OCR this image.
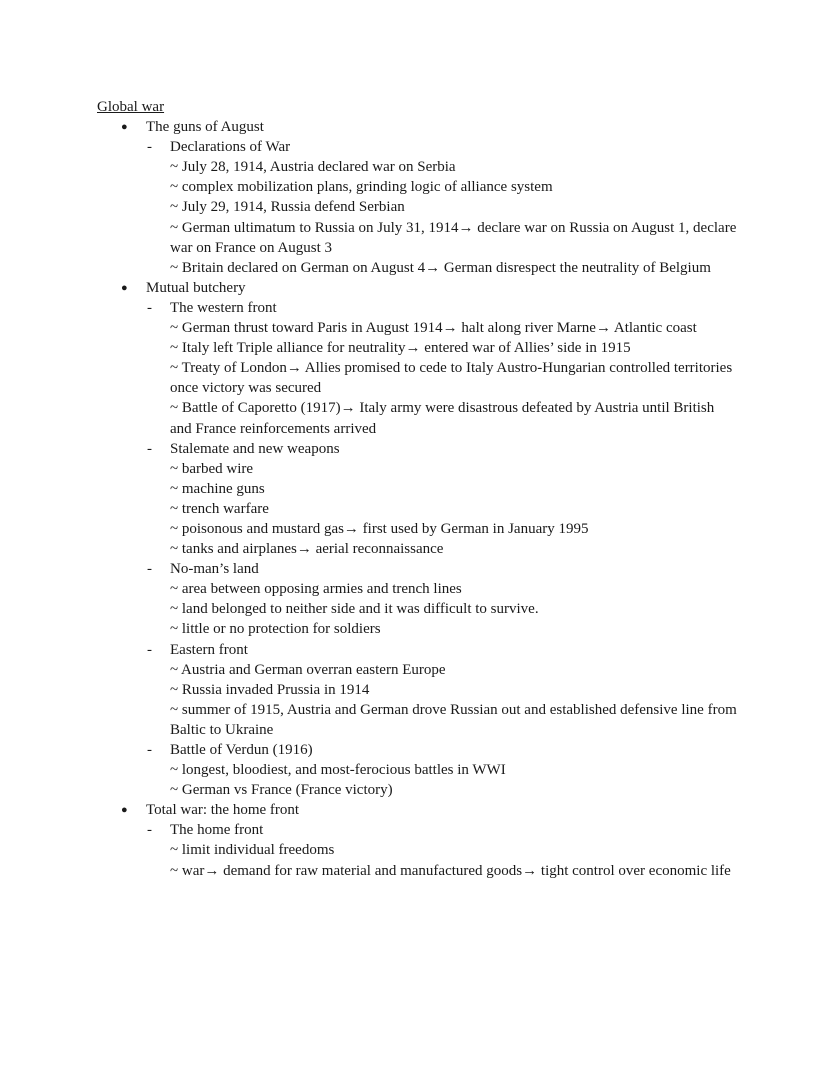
Global war
● The guns of August
- Declarations of War
~ July 28, 1914, Austria declared war on Serbia
~ complex mobilization plans, grinding logic of alliance system
~ July 29, 1914, Russia defend Serbian
~ German ultimatum to Russia on July 31, 1914→ declare war on Russia on August 1, declare war on France on August 3
~ Britain declared on German on August 4→ German disrespect the neutrality of Belgium
● Mutual butchery
- The western front
~ German thrust toward Paris in August 1914→ halt along river Marne→ Atlantic coast
~ Italy left Triple alliance for neutrality→ entered war of Allies’ side in 1915
~ Treaty of London→ Allies promised to cede to Italy Austro-Hungarian controlled territories once victory was secured
~ Battle of Caporetto (1917)→ Italy army were disastrous defeated by Austria until British and France reinforcements arrived
- Stalemate and new weapons
~ barbed wire
~ machine guns
~ trench warfare
~ poisonous and mustard gas→ first used by German in January 1995
~ tanks and airplanes→ aerial reconnaissance
- No-man’s land
~ area between opposing armies and trench lines
~ land belonged to neither side and it was difficult to survive.
~ little or no protection for soldiers
- Eastern front
~ Austria and German overran eastern Europe
~ Russia invaded Prussia in 1914
~ summer of 1915, Austria and German drove Russian out and established defensive line from Baltic to Ukraine
- Battle of Verdun (1916)
~ longest, bloodiest, and most-ferocious battles in WWI
~ German vs France (France victory)
● Total war: the home front
- The home front
~ limit individual freedoms
~ war→ demand for raw material and manufactured goods→ tight control over economic life
